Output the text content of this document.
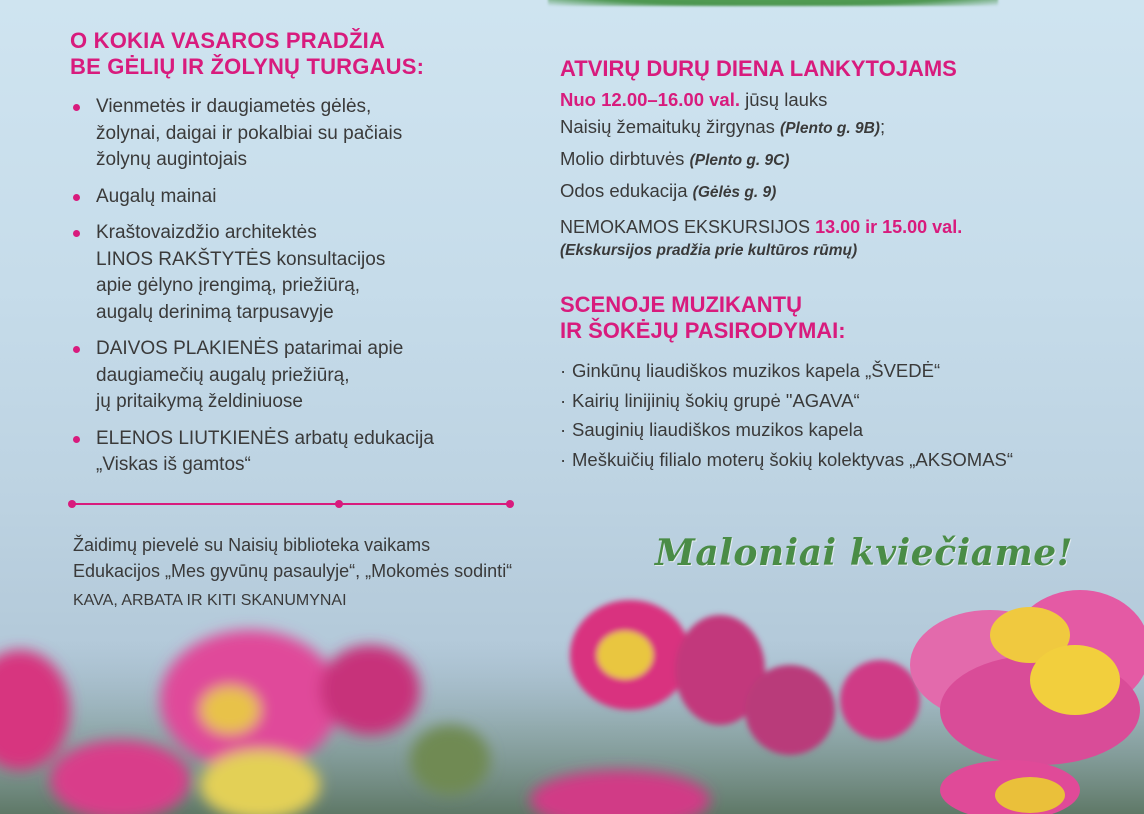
O KOKIA VASAROS PRADŽIA
BE GĖLIŲ IR ŽOLYNŲ TURGAUS:
Vienmetės ir daugiametės gėlės,
žolynai, daigai ir pokalbiai su pačiais
žolynų augintojais
Augalų mainai
Kraštovaizdžio architektės
LINOS RAKŠTYTĖS konsultacijos
apie gėlyno įrengimą, priežiūrą,
augalų derinimą tarpusavyje
DAIVOS PLAKIENĖS patarimai apie
daugiamečių augalų priežiūrą,
jų pritaikymą želdiniuose
ELENOS LIUTKIENĖS arbatų edukacija
„Viskas iš gamtos“
Žaidimų pievelė su Naisių biblioteka vaikams
Edukacijos „Mes gyvūnų pasaulyje“, „Mokomės sodinti“
KAVA, ARBATA IR KITI SKANUMYNAI
ATVIRŲ DURŲ DIENA LANKYTOJAMS
Nuo 12.00–16.00 val. jūsų lauks
Naisių žemaitukų žirgynas (Plento g. 9B);
Molio dirbtuvės (Plento g. 9C)
Odos edukacija (Gėlės g. 9)
NEMOKAMOS EKSKURSIJOS 13.00 ir 15.00 val.
(Ekskursijos pradžia prie kultūros rūmų)
SCENOJE MUZIKANTŲ
IR ŠOKĖJŲ PASIRODYMAI:
· Ginkūnų liaudiškos muzikos kapela „ŠVEDĖ“
· Kairių linijinių šokių grupė "AGAVA“
· Sauginių liaudiškos muzikos kapela
· Meškuičių filialo moterų šokių kolektyvas „AKSOMAS“
Maloniai kviečiame!
